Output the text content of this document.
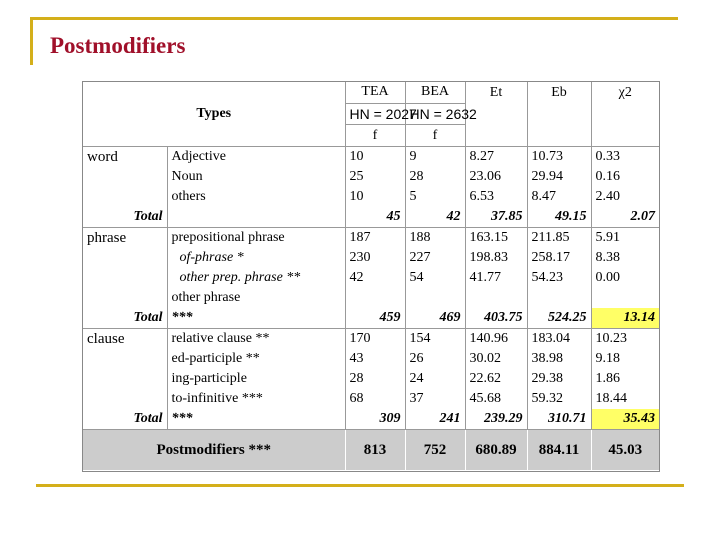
Postmodifiers
Types		TEA	BEA	Et	Eb	χ2
		HN = 2027	HN = 2632			
		f	f			
word	Adjective	10	9	8.27	10.73	0.33
	Noun	25	28	23.06	29.94	0.16
	others	10	5	6.53	8.47	2.40
Total		45	42	37.85	49.15	2.07
phrase	prepositional phrase	187	188	163.15	211.85	5.91
	of-phrase *	230	227	198.83	258.17	8.38
	other prep. phrase **	42	54	41.77	54.23	0.00
	other phrase					
Total	***	459	469	403.75	524.25	13.14
clause	relative clause **	170	154	140.96	183.04	10.23
	ed-participle **	43	26	30.02	38.98	9.18
	ing-participle	28	24	22.62	29.38	1.86
	to-infinitive ***	68	37	45.68	59.32	18.44
Total	***	309	241	239.29	310.71	35.43
Postmodifiers ***		813	752	680.89	884.11	45.03
